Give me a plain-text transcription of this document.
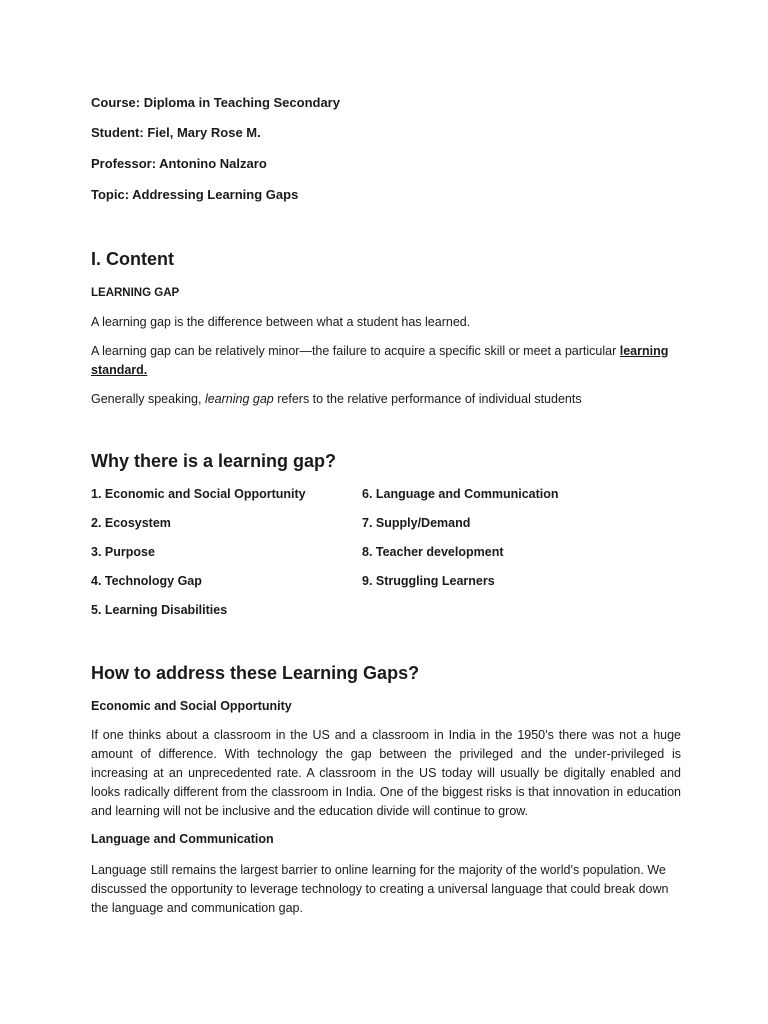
Course: Diploma in Teaching Secondary
Student: Fiel, Mary Rose M.
Professor: Antonino Nalzaro
Topic: Addressing Learning Gaps
I. Content
LEARNING GAP
A learning gap is the difference between what a student has learned.
A learning gap can be relatively minor—the failure to acquire a specific skill or meet a particular learning
standard.
Generally speaking, learning gap refers to the relative performance of individual students
Why there is a learning gap?
1. Economic and Social Opportunity
2. Ecosystem
3. Purpose
4. Technology Gap
5. Learning Disabilities
6. Language and Communication
7. Supply/Demand
8. Teacher development
9. Struggling Learners
How to address these Learning Gaps?
Economic and Social Opportunity
If one thinks about a classroom in the US and a classroom in India in the 1950’s there was not a huge amount of difference. With technology the gap between the privileged and the under-privileged is increasing at an unprecedented rate. A classroom in the US today will usually be digitally enabled and looks radically different from the classroom in India. One of the biggest risks is that innovation in education and learning will not be inclusive and the education divide will continue to grow.
Language and Communication
Language still remains the largest barrier to online learning for the majority of the world’s population. We
discussed the opportunity to leverage technology to creating a universal language that could break down
the language and communication gap.
